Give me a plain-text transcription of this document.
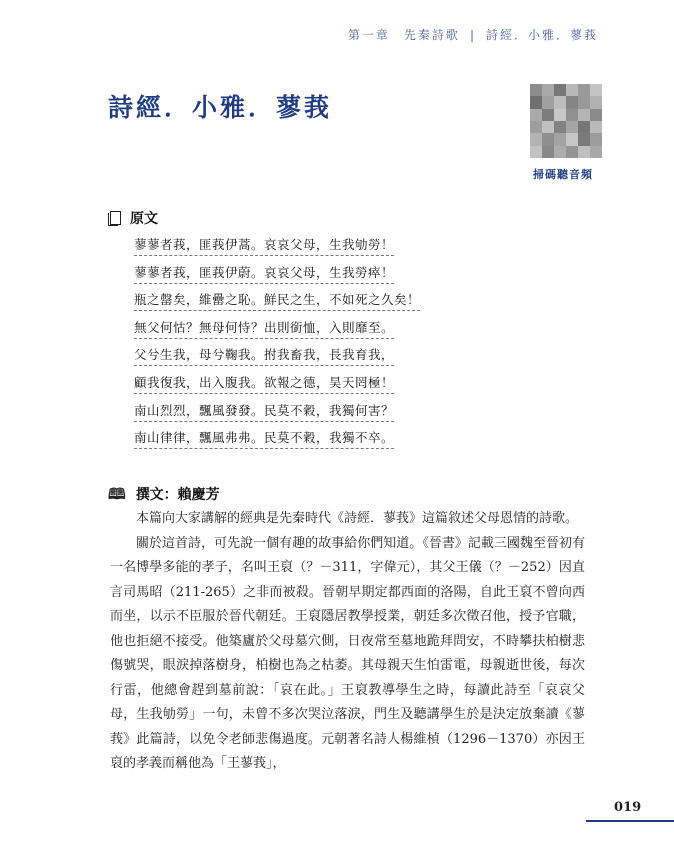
第一章　先秦詩歌 | 詩經．小雅．蓼莪
詩經．小雅．蓼莪
掃碼聽音頻
原文
蓼蓼者莪，匪莪伊蒿。哀哀父母，生我劬勞！
蓼蓼者莪，匪莪伊蔚。哀哀父母，生我勞瘁！
瓶之罄矣，維罍之恥。鮮民之生，不如死之久矣！
無父何怙？無母何恃？出則銜恤，入則靡至。
父兮生我，母兮鞠我。拊我畜我，長我育我，
顧我復我，出入腹我。欲報之德，昊天罔極！
南山烈烈，飄風發發。民莫不穀，我獨何害？
南山律律，飄風弗弗。民莫不穀，我獨不卒。
🕮 撰文：賴慶芳

本篇向大家講解的經典是先秦時代《詩經．蓼莪》這篇敘述父母恩情的詩歌。

關於這首詩，可先說一個有趣的故事給你們知道。《晉書》記載三國魏至晉初有一名博學多能的孝子，名叫王裒（？－311，字偉元），其父王儀（？－252）因直言司馬昭（211-265）之非而被殺。晉朝早期定都西面的洛陽，自此王裒不曾向西而坐，以示不臣服於晉代朝廷。王裒隱居教學授業，朝廷多次徵召他，授予官職，他也拒絕不接受。他築廬於父母墓穴側，日夜常至墓地跪拜問安，不時攀扶柏樹悲傷號哭，眼淚掉落樹身，柏樹也為之枯萎。其母親天生怕雷電，母親逝世後，每次行雷，他總會趕到墓前說：「哀在此。」王裒教導學生之時，每讀此詩至「哀哀父母，生我劬勞」一句，未曾不多次哭泣落淚，門生及聽講學生於是決定放棄讀《蓼莪》此篇詩，以免令老師悲傷過度。元朝著名詩人楊維楨（1296－1370）亦因王裒的孝義而稱他為「王蓼莪」，

019
